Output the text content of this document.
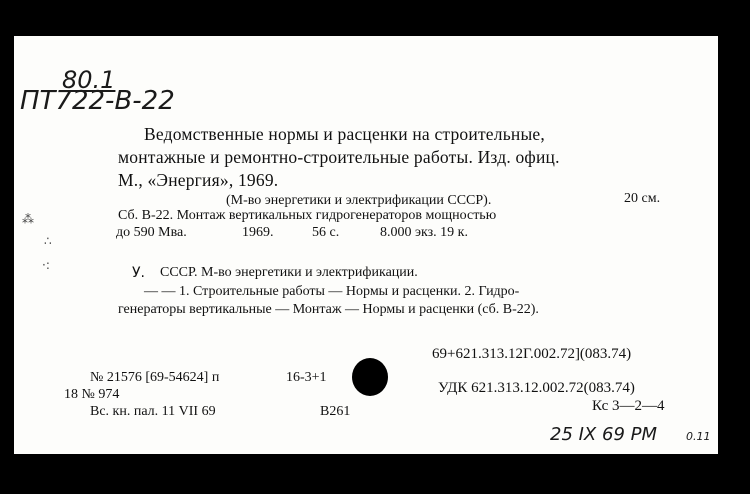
80.1
ПТ722-В-22
Ведомственные нормы и расценки на строительные,
монтажные и ремонтно-строительные работы. Изд. офиц.
М., «Энергия», 1969.
(М-во энергетики и электрификации СССР).	20 см.
Сб. В-22. Монтаж вертикальных гидрогенераторов мощностью
до 590 Мва.	1969.	56 с.	8.000 экз. 19 к.
У. СССР. М-во энергетики и электрификации.
— — 1. Строительные работы — Нормы и расценки. 2. Гидро-
генераторы вертикальные — Монтаж — Нормы и расценки (сб. В-22).
69+621.313.12Г.002.72](083.74)
№ 21576 [69-54624] п	16-3+1
18 № 974
Вс. кн. пал. 11 VII 69	В261
УДК 621.313.12.002.72(083.74)
Кс 3—2—4
25 IX 69 PM	0.11
⁂
∴
·:
